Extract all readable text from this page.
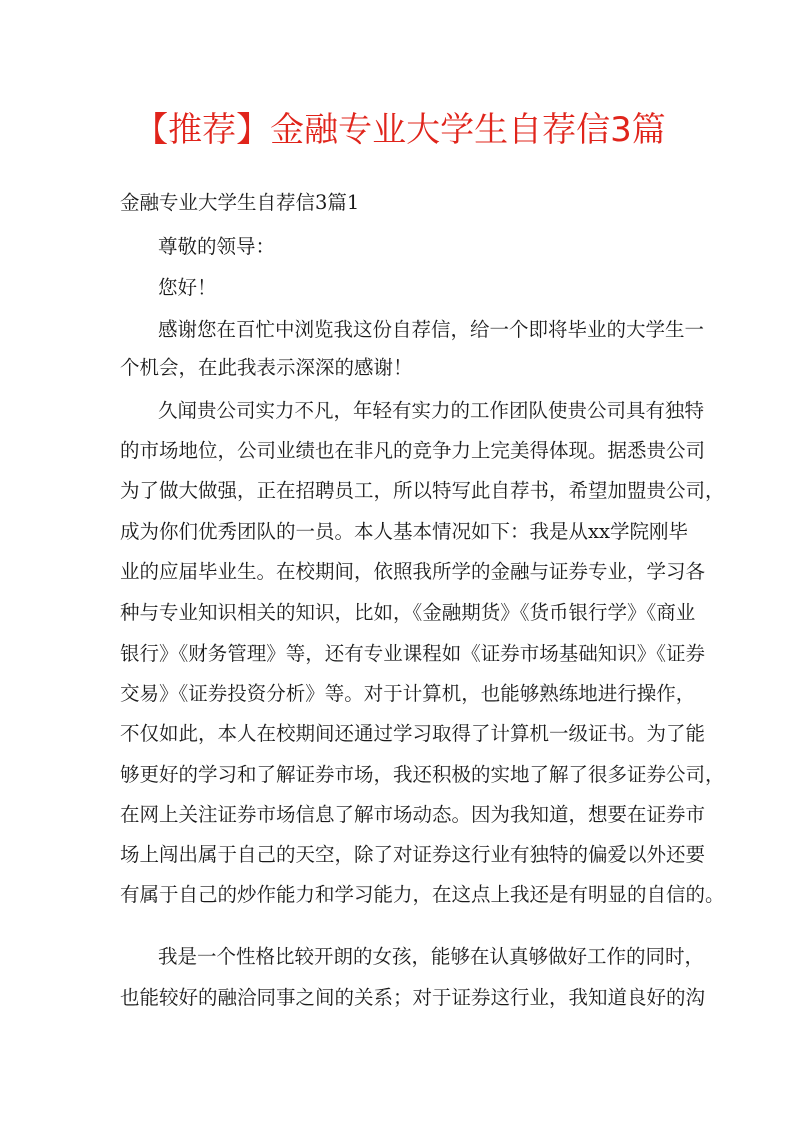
【推荐】金融专业大学生自荐信3篇
金融专业大学生自荐信3篇1
尊敬的领导：
您好！
感谢您在百忙中浏览我这份自荐信，给一个即将毕业的大学生一
个机会，在此我表示深深的感谢！
久闻贵公司实力不凡，年轻有实力的工作团队使贵公司具有独特
的市场地位，公司业绩也在非凡的竞争力上完美得体现。据悉贵公司
为了做大做强，正在招聘员工，所以特写此自荐书，希望加盟贵公司，
成为你们优秀团队的一员。本人基本情况如下：我是从xx学院刚毕
业的应届毕业生。在校期间，依照我所学的金融与证券专业，学习各
种与专业知识相关的知识，比如，《金融期货》《货币银行学》《商业
银行》《财务管理》等，还有专业课程如《证券市场基础知识》《证券
交易》《证券投资分析》等。对于计算机，也能够熟练地进行操作，
不仅如此，本人在校期间还通过学习取得了计算机一级证书。为了能
够更好的学习和了解证券市场，我还积极的实地了解了很多证券公司，
在网上关注证券市场信息了解市场动态。因为我知道，想要在证券市
场上闯出属于自己的天空，除了对证券这行业有独特的偏爱以外还要
有属于自己的炒作能力和学习能力，在这点上我还是有明显的自信的。
我是一个性格比较开朗的女孩，能够在认真够做好工作的同时，
也能较好的融洽同事之间的关系；对于证券这行业，我知道良好的沟
